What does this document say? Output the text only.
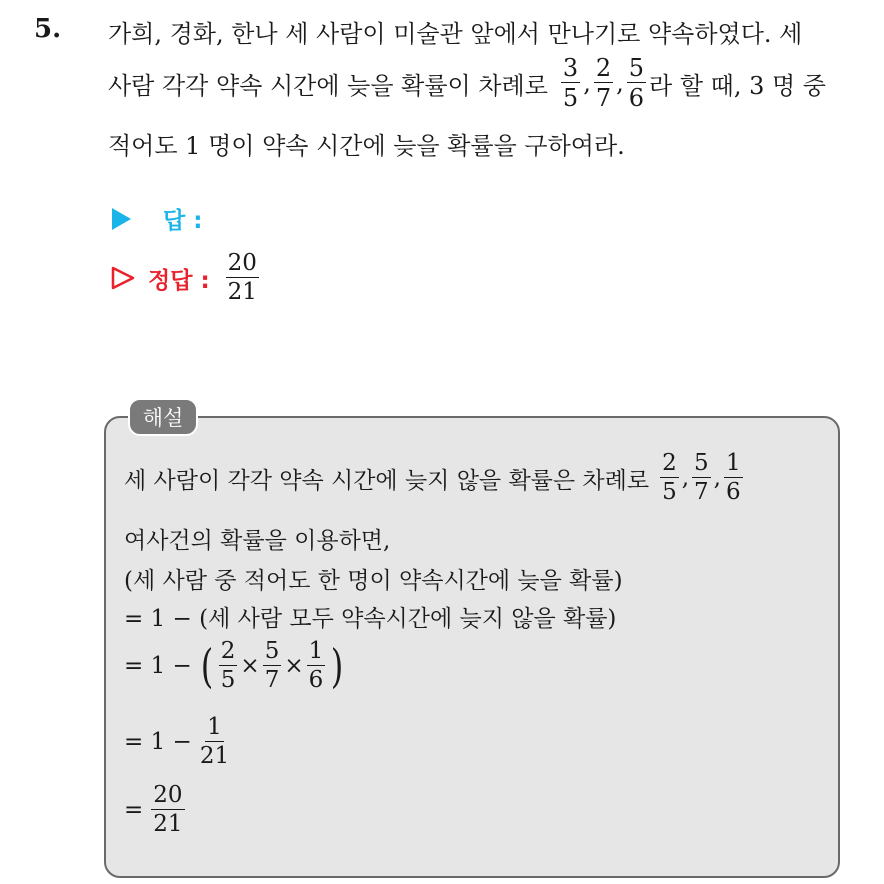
5. 가희, 경화, 한나 세 사람이 미술관 앞에서 만나기로 약속하였다. 세
사람 각각 약속 시간에 늦을 확률이 차례로 $\frac{3}{5}$ , $\frac{2}{7}$ , $\frac{5}{6}$ 라 할 때, 3 명 중
적어도 1 명이 약속 시간에 늦을 확률을 구하여라.
답 :
정답 : $\frac{20}{21}$
해설
세 사람이 각각 약속 시간에 늦지 않을 확률은 차례로 $\frac{2}{5}$ , $\frac{5}{7}$ , $\frac{1}{6}$
여사건의 확률을 이용하면,
(세 사람 중 적어도 한 명이 약속시간에 늦을 확률)
= 1 − (세 사람 모두 약속시간에 늦지 않을 확률)
= 1 − ( $\frac{2}{5} \times \frac{5}{7} \times \frac{1}{6}$ )
= $1 - \frac{1}{21}$
= $\frac{20}{21}$
